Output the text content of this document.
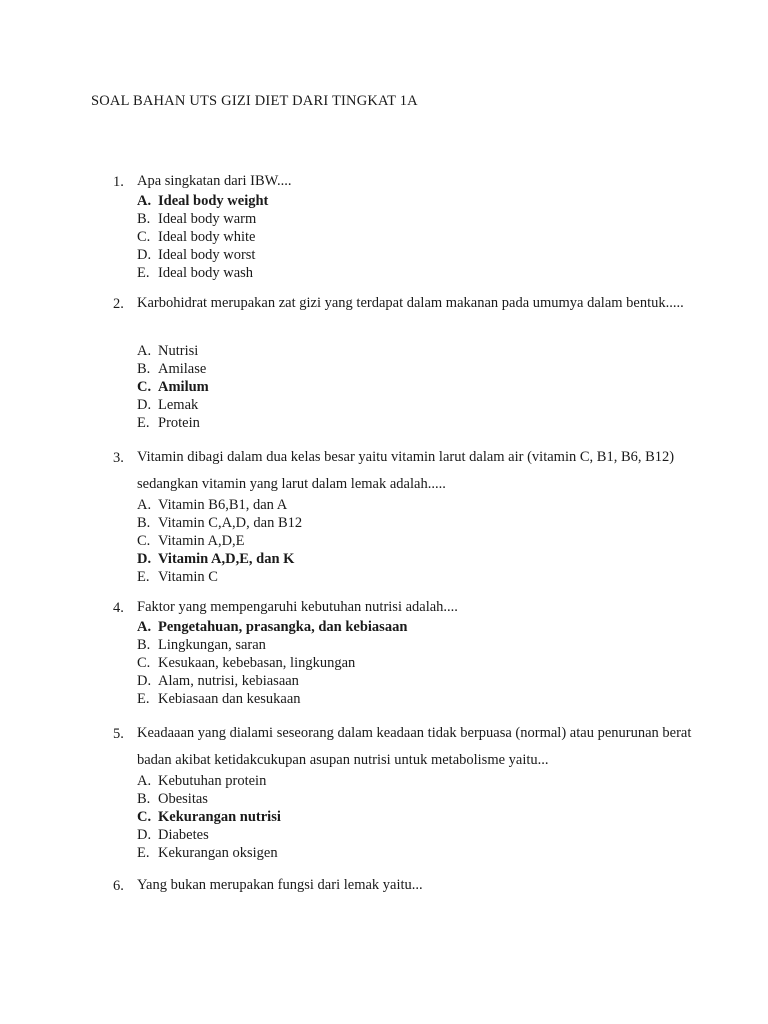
SOAL BAHAN UTS GIZI DIET DARI TINGKAT 1A
1. Apa singkatan dari IBW....
A. Ideal body weight
B. Ideal body warm
C. Ideal body white
D. Ideal body worst
E. Ideal body wash
2. Karbohidrat merupakan zat gizi yang terdapat dalam makanan pada umumya dalam bentuk.....
A. Nutrisi
B. Amilase
C. Amilum
D. Lemak
E. Protein
3. Vitamin dibagi dalam dua kelas besar yaitu vitamin larut dalam air (vitamin C, B1, B6, B12) sedangkan vitamin yang larut dalam lemak adalah.....
A. Vitamin B6,B1, dan A
B. Vitamin C,A,D, dan B12
C. Vitamin A,D,E
D. Vitamin A,D,E, dan K
E. Vitamin C
4. Faktor yang mempengaruhi kebutuhan nutrisi adalah....
A. Pengetahuan, prasangka, dan kebiasaan
B. Lingkungan, saran
C. Kesukaan, kebebasan, lingkungan
D. Alam, nutrisi, kebiasaan
E. Kebiasaan dan kesukaan
5. Keadaaan yang dialami seseorang dalam keadaan tidak berpuasa (normal) atau penurunan berat badan akibat ketidakcukupan asupan nutrisi untuk metabolisme yaitu...
A. Kebutuhan protein
B. Obesitas
C. Kekurangan nutrisi
D. Diabetes
E. Kekurangan oksigen
6. Yang bukan merupakan fungsi dari lemak yaitu...
